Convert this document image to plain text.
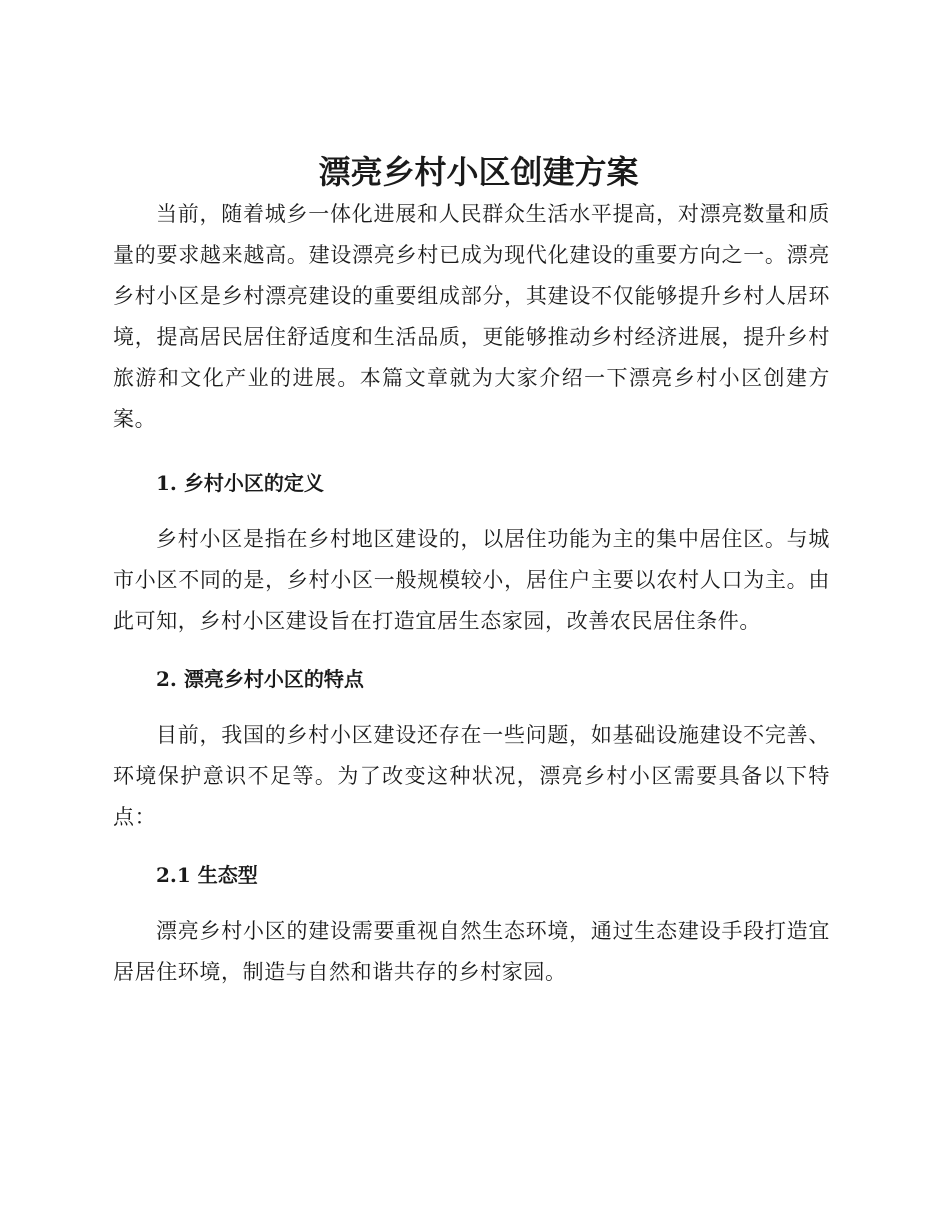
漂亮乡村小区创建方案

当前，随着城乡一体化进展和人民群众生活水平提高，对漂亮数量和质量的要求越来越高。建设漂亮乡村已成为现代化建设的重要方向之一。漂亮乡村小区是乡村漂亮建设的重要组成部分，其建设不仅能够提升乡村人居环境，提高居民居住舒适度和生活品质，更能够推动乡村经济进展，提升乡村旅游和文化产业的进展。本篇文章就为大家介绍一下漂亮乡村小区创建方案。

1. 乡村小区的定义

乡村小区是指在乡村地区建设的，以居住功能为主的集中居住区。与城市小区不同的是，乡村小区一般规模较小，居住户主要以农村人口为主。由此可知，乡村小区建设旨在打造宜居生态家园，改善农民居住条件。

2. 漂亮乡村小区的特点

目前，我国的乡村小区建设还存在一些问题，如基础设施建设不完善、环境保护意识不足等。为了改变这种状况，漂亮乡村小区需要具备以下特点：

2.1 生态型

漂亮乡村小区的建设需要重视自然生态环境，通过生态建设手段打造宜居居住环境，制造与自然和谐共存的乡村家园。
